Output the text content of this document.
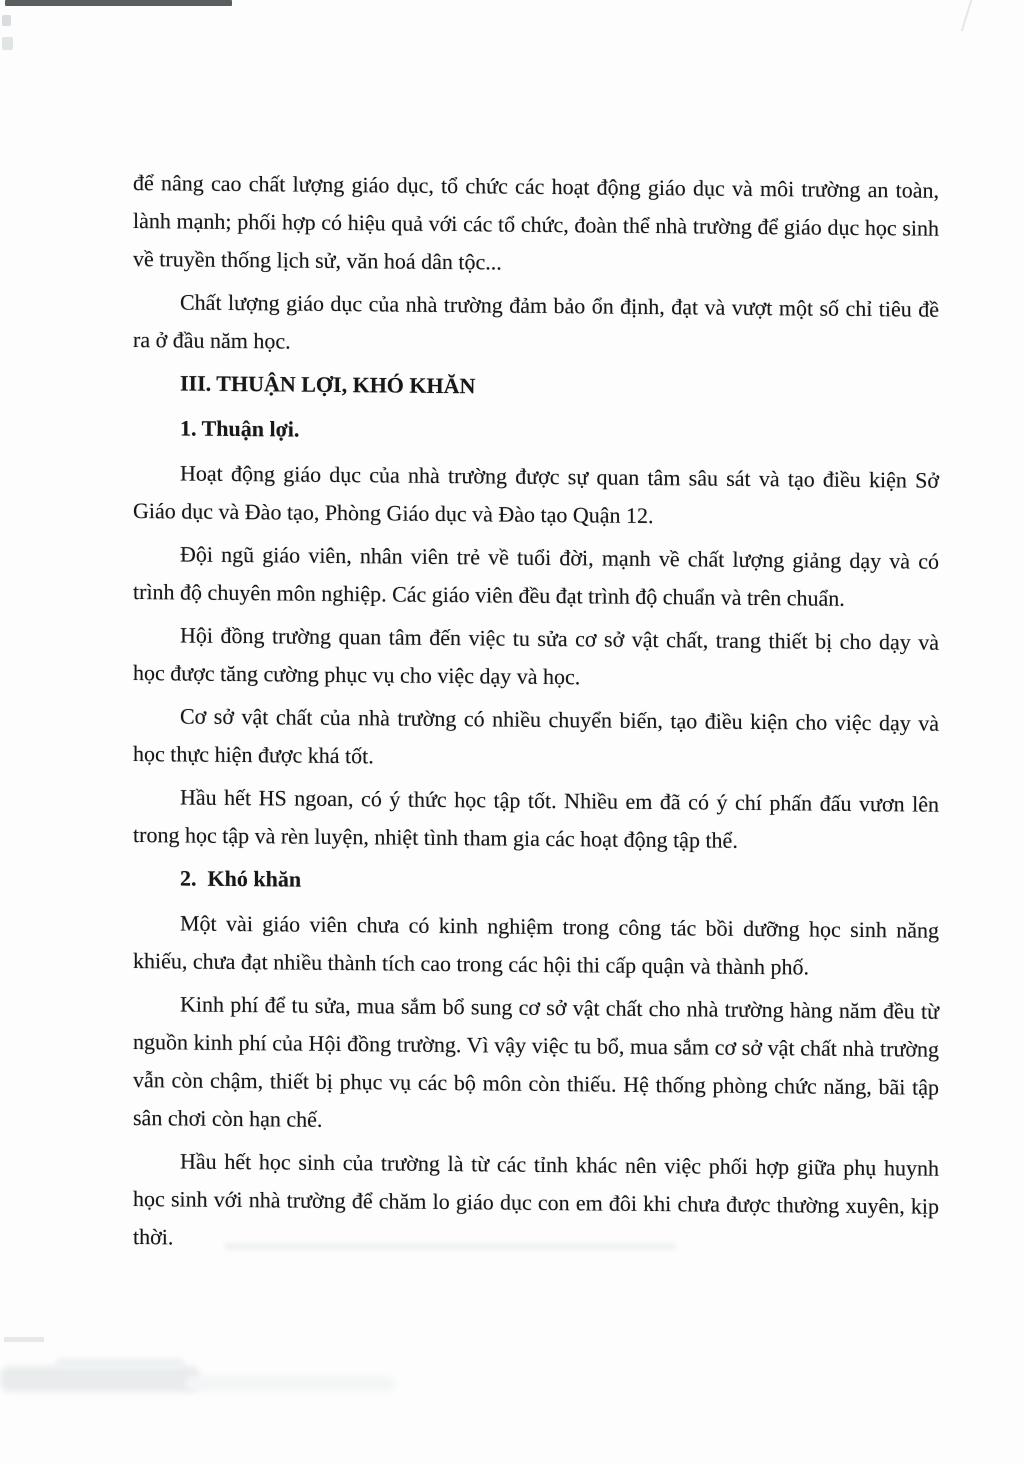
để nâng cao chất lượng giáo dục, tổ chức các hoạt động giáo dục và môi trường an toàn, lành mạnh; phối hợp có hiệu quả với các tổ chức, đoàn thể nhà trường để giáo dục học sinh về truyền thống lịch sử, văn hoá dân tộc...

Chất lượng giáo dục của nhà trường đảm bảo ổn định, đạt và vượt một số chỉ tiêu đề ra ở đầu năm học.

III. THUẬN LỢI, KHÓ KHĂN

1. Thuận lợi.

Hoạt động giáo dục của nhà trường được sự quan tâm sâu sát và tạo điều kiện Sở Giáo dục và Đào tạo, Phòng Giáo dục và Đào tạo Quận 12.

Đội ngũ giáo viên, nhân viên trẻ về tuổi đời, mạnh về chất lượng giảng dạy và có trình độ chuyên môn nghiệp. Các giáo viên đều đạt trình độ chuẩn và trên chuẩn.

Hội đồng trường quan tâm đến việc tu sửa cơ sở vật chất, trang thiết bị cho dạy và học được tăng cường phục vụ cho việc dạy và học.

Cơ sở vật chất của nhà trường có nhiều chuyển biến, tạo điều kiện cho việc dạy và học thực hiện được khá tốt.

Hầu hết HS ngoan, có ý thức học tập tốt. Nhiều em đã có ý chí phấn đấu vươn lên trong học tập và rèn luyện, nhiệt tình tham gia các hoạt động tập thể.

2.  Khó khăn

Một vài giáo viên chưa có kinh nghiệm trong công tác bồi dưỡng học sinh năng khiếu, chưa đạt nhiều thành tích cao trong các hội thi cấp quận và thành phố.

Kinh phí để tu sửa, mua sắm bổ sung cơ sở vật chất cho nhà trường hàng năm đều từ nguồn kinh phí của Hội đồng trường. Vì vậy việc tu bổ, mua sắm cơ sở vật chất nhà trường vẫn còn chậm, thiết bị phục vụ các bộ môn còn thiếu. Hệ thống phòng chức năng, bãi tập sân chơi còn hạn chế.

Hầu hết học sinh của trường là từ các tỉnh khác nên việc phối hợp giữa phụ huynh học sinh với nhà trường để chăm lo giáo dục con em đôi khi chưa được thường xuyên, kịp thời.
